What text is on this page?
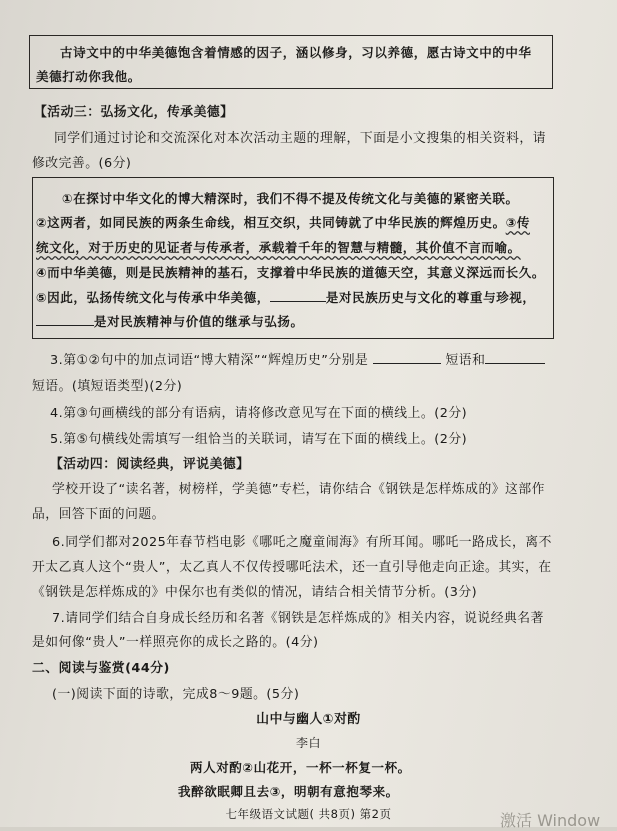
古诗文中的中华美德饱含着情感的因子，涵以修身，习以养德，愿古诗文中的中华
美德打动你我他。
【活动三：弘扬文化，传承美德】
同学们通过讨论和交流深化对本次活动主题的理解，下面是小文搜集的相关资料，请
修改完善。(6分)
①在探讨中华文化的博大精深时，我们不得不提及传统文化与美德的紧密关联。
②这两者，如同民族的两条生命线，相互交织，共同铸就了中华民族的辉煌历史。③传
统文化，对于历史的见证者与传承者，承载着千年的智慧与精髓，其价值不言而喻。
④而中华美德，则是民族精神的基石，支撑着中华民族的道德天空，其意义深远而长久。
⑤因此，弘扬传统文化与传承中华美德，	是对民族历史与文化的尊重与珍视，
是对民族精神与价值的继承与弘扬。
3.第①②句中的加点词语“博大精深”“辉煌历史”分别是	短语和
短语。(填短语类型)(2分)
4.第③句画横线的部分有语病，请将修改意见写在下面的横线上。(2分)
5.第⑤句横线处需填写一组恰当的关联词，请写在下面的横线上。(2分)
【活动四：阅读经典，评说美德】
学校开设了“读名著，树榜样，学美德”专栏，请你结合《钢铁是怎样炼成的》这部作
品，回答下面的问题。
6.同学们都对2025年春节档电影《哪吒之魔童闹海》有所耳闻。哪吒一路成长，离不
开太乙真人这个“贵人”，太乙真人不仅传授哪吒法术，还一直引导他走向正途。其实，在
《钢铁是怎样炼成的》中保尔也有类似的情况，请结合相关情节分析。(3分)
7.请同学们结合自身成长经历和名著《钢铁是怎样炼成的》相关内容，说说经典名著
是如何像“贵人”一样照亮你的成长之路的。(4分)
二、阅读与鉴赏(44分)
(一)阅读下面的诗歌，完成8～9题。(5分)
山中与幽人①对酌
李白
两人对酌②山花开，一杯一杯复一杯。
我醉欲眠卿且去③，明朝有意抱琴来。
七年级语文试题( 共8页) 第2页	激活 Window
